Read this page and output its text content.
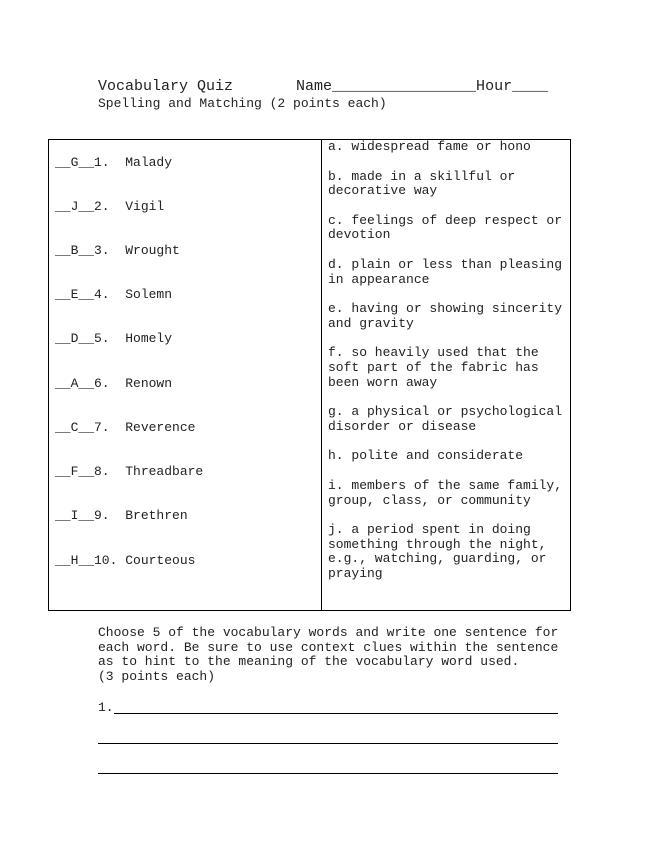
Vocabulary Quiz       Name________________Hour____
Spelling and Matching (2 points each)
__G__1.  Malady
__J__2.  Vigil
__B__3.  Wrought
__E__4.  Solemn
__D__5.  Homely
__A__6.  Renown
__C__7.  Reverence
__F__8.  Threadbare
__I__9.  Brethren
__H__10. Courteous

a. widespread fame or hono

b. made in a skillful or decorative way

c. feelings of deep respect or devotion

d. plain or less than pleasing in appearance

e. having or showing sincerity and gravity

f. so heavily used that the soft part of the fabric has been worn away

g. a physical or psychological disorder or disease

h. polite and considerate

i. members of the same family, group, class, or community

j. a period spent in doing something through the night, e.g., watching, guarding, or praying

Choose 5 of the vocabulary words and write one sentence for
each word. Be sure to use context clues within the sentence
as to hint to the meaning of the vocabulary word used.
(3 points each)
1.
